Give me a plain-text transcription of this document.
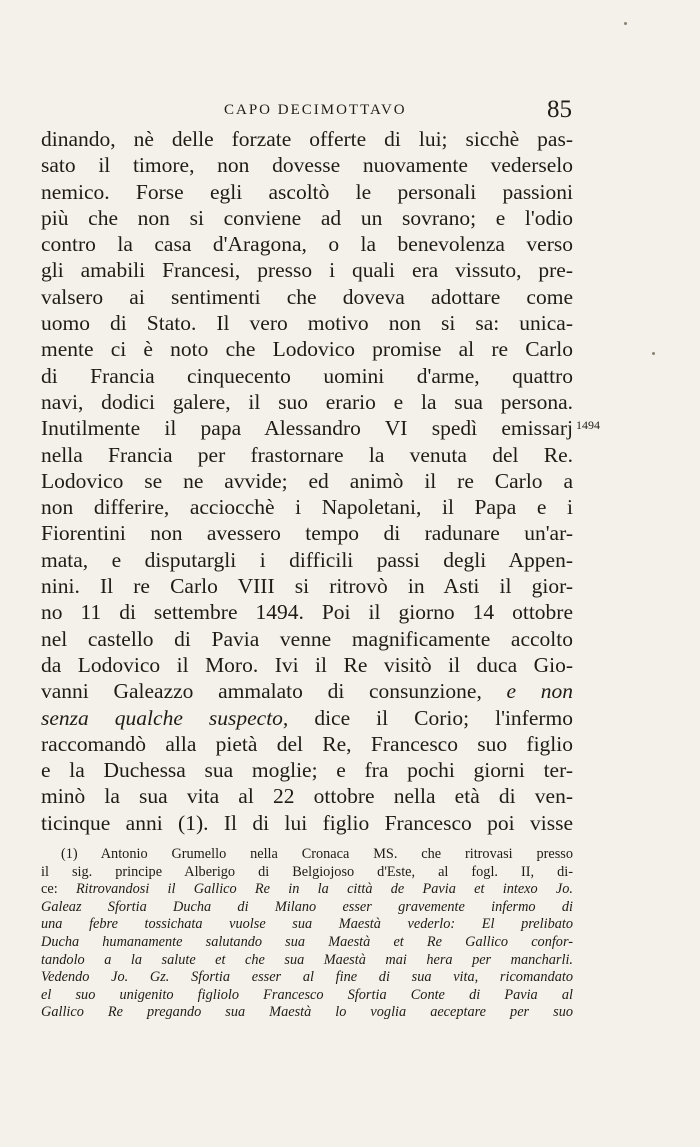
CAPO DECIMOTTAVO	85
dinando, nè delle forzate offerte di lui; sicchè pas-
sato il timore, non dovesse nuovamente vederselo
nemico. Forse egli ascoltò le personali passioni
più che non si conviene ad un sovrano; e l'odio
contro la casa d'Aragona, o la benevolenza verso
gli amabili Francesi, presso i quali era vissuto, pre-
valsero ai sentimenti che doveva adottare come
uomo di Stato. Il vero motivo non si sa: unica-
mente ci è noto che Lodovico promise al re Carlo
di Francia cinquecento uomini d'arme, quattro
navi, dodici galere, il suo erario e la sua persona.
Inutilmente il papa Alessandro VI spedì emissarj
nella Francia per frastornare la venuta del Re.
Lodovico se ne avvide; ed animò il re Carlo a
non differire, acciocchè i Napoletani, il Papa e i
Fiorentini non avessero tempo di radunare un'ar-
mata, e disputargli i difficili passi degli Appen-
nini. Il re Carlo VIII si ritrovò in Asti il gior-
no 11 di settembre 1494. Poi il giorno 14 ottobre
nel castello di Pavia venne magnificamente accolto
da Lodovico il Moro. Ivi il Re visitò il duca Gio-
vanni Galeazzo ammalato di consunzione, e non
senza qualche suspecto, dice il Corio; l'infermo
raccomandò alla pietà del Re, Francesco suo figlio
e la Duchessa sua moglie; e fra pochi giorni ter-
minò la sua vita al 22 ottobre nella età di ven-
ticinque anni (1). Il di lui figlio Francesco poi visse
1494
(1) Antonio Grumello nella Cronaca MS. che ritrovasi presso
il sig. principe Alberigo di Belgiojoso d'Este, al fogl. II, di-
ce: Ritrovandosi il Gallico Re in la città de Pavia et intexo Jo.
Galeaz Sfortia Ducha di Milano esser gravemente infermo di
una febre tossichata vuolse sua Maestà vederlo: El prelibato
Ducha humanamente salutando sua Maestà et Re Gallico confor-
tandolo a la salute et che sua Maestà mai hera per mancharli.
Vedendo Jo. Gz. Sfortia esser al fine di sua vita, ricomandato
el suo unigenito figliolo Francesco Sfortia Conte di Pavia al
Gallico Re pregando sua Maestà lo voglia aeceptare per suo
